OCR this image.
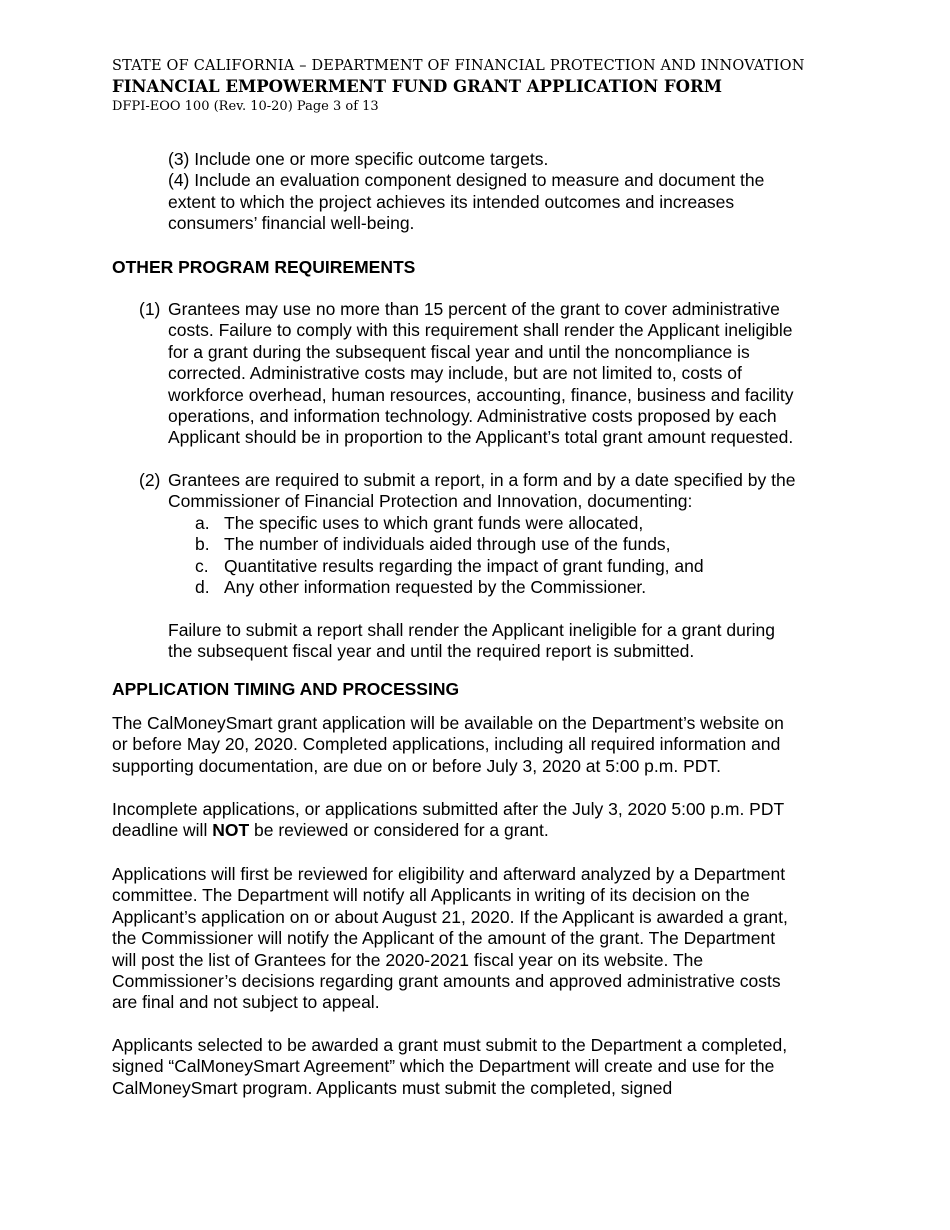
STATE OF CALIFORNIA – DEPARTMENT OF FINANCIAL PROTECTION AND INNOVATION
FINANCIAL EMPOWERMENT FUND GRANT APPLICATION FORM
DFPI-EOO 100 (Rev. 10-20) Page 3 of 13
(3) Include one or more specific outcome targets.
(4) Include an evaluation component designed to measure and document the
extent to which the project achieves its intended outcomes and increases
consumers’ financial well-being.
OTHER PROGRAM REQUIREMENTS
(1) Grantees may use no more than 15 percent of the grant to cover administrative
costs. Failure to comply with this requirement shall render the Applicant ineligible
for a grant during the subsequent fiscal year and until the noncompliance is
corrected. Administrative costs may include, but are not limited to, costs of
workforce overhead, human resources, accounting, finance, business and facility
operations, and information technology. Administrative costs proposed by each
Applicant should be in proportion to the Applicant’s total grant amount requested.
(2) Grantees are required to submit a report, in a form and by a date specified by the
Commissioner of Financial Protection and Innovation, documenting:
a. The specific uses to which grant funds were allocated,
b. The number of individuals aided through use of the funds,
c. Quantitative results regarding the impact of grant funding, and
d. Any other information requested by the Commissioner.
Failure to submit a report shall render the Applicant ineligible for a grant during
the subsequent fiscal year and until the required report is submitted.
APPLICATION TIMING AND PROCESSING
The CalMoneySmart grant application will be available on the Department’s website on
or before May 20, 2020. Completed applications, including all required information and
supporting documentation, are due on or before July 3, 2020 at 5:00 p.m. PDT.
Incomplete applications, or applications submitted after the July 3, 2020 5:00 p.m. PDT
deadline will NOT be reviewed or considered for a grant.
Applications will first be reviewed for eligibility and afterward analyzed by a Department
committee. The Department will notify all Applicants in writing of its decision on the
Applicant’s application on or about August 21, 2020. If the Applicant is awarded a grant,
the Commissioner will notify the Applicant of the amount of the grant. The Department
will post the list of Grantees for the 2020-2021 fiscal year on its website. The
Commissioner’s decisions regarding grant amounts and approved administrative costs
are final and not subject to appeal.
Applicants selected to be awarded a grant must submit to the Department a completed,
signed “CalMoneySmart Agreement” which the Department will create and use for the
CalMoneySmart program. Applicants must submit the completed, signed
